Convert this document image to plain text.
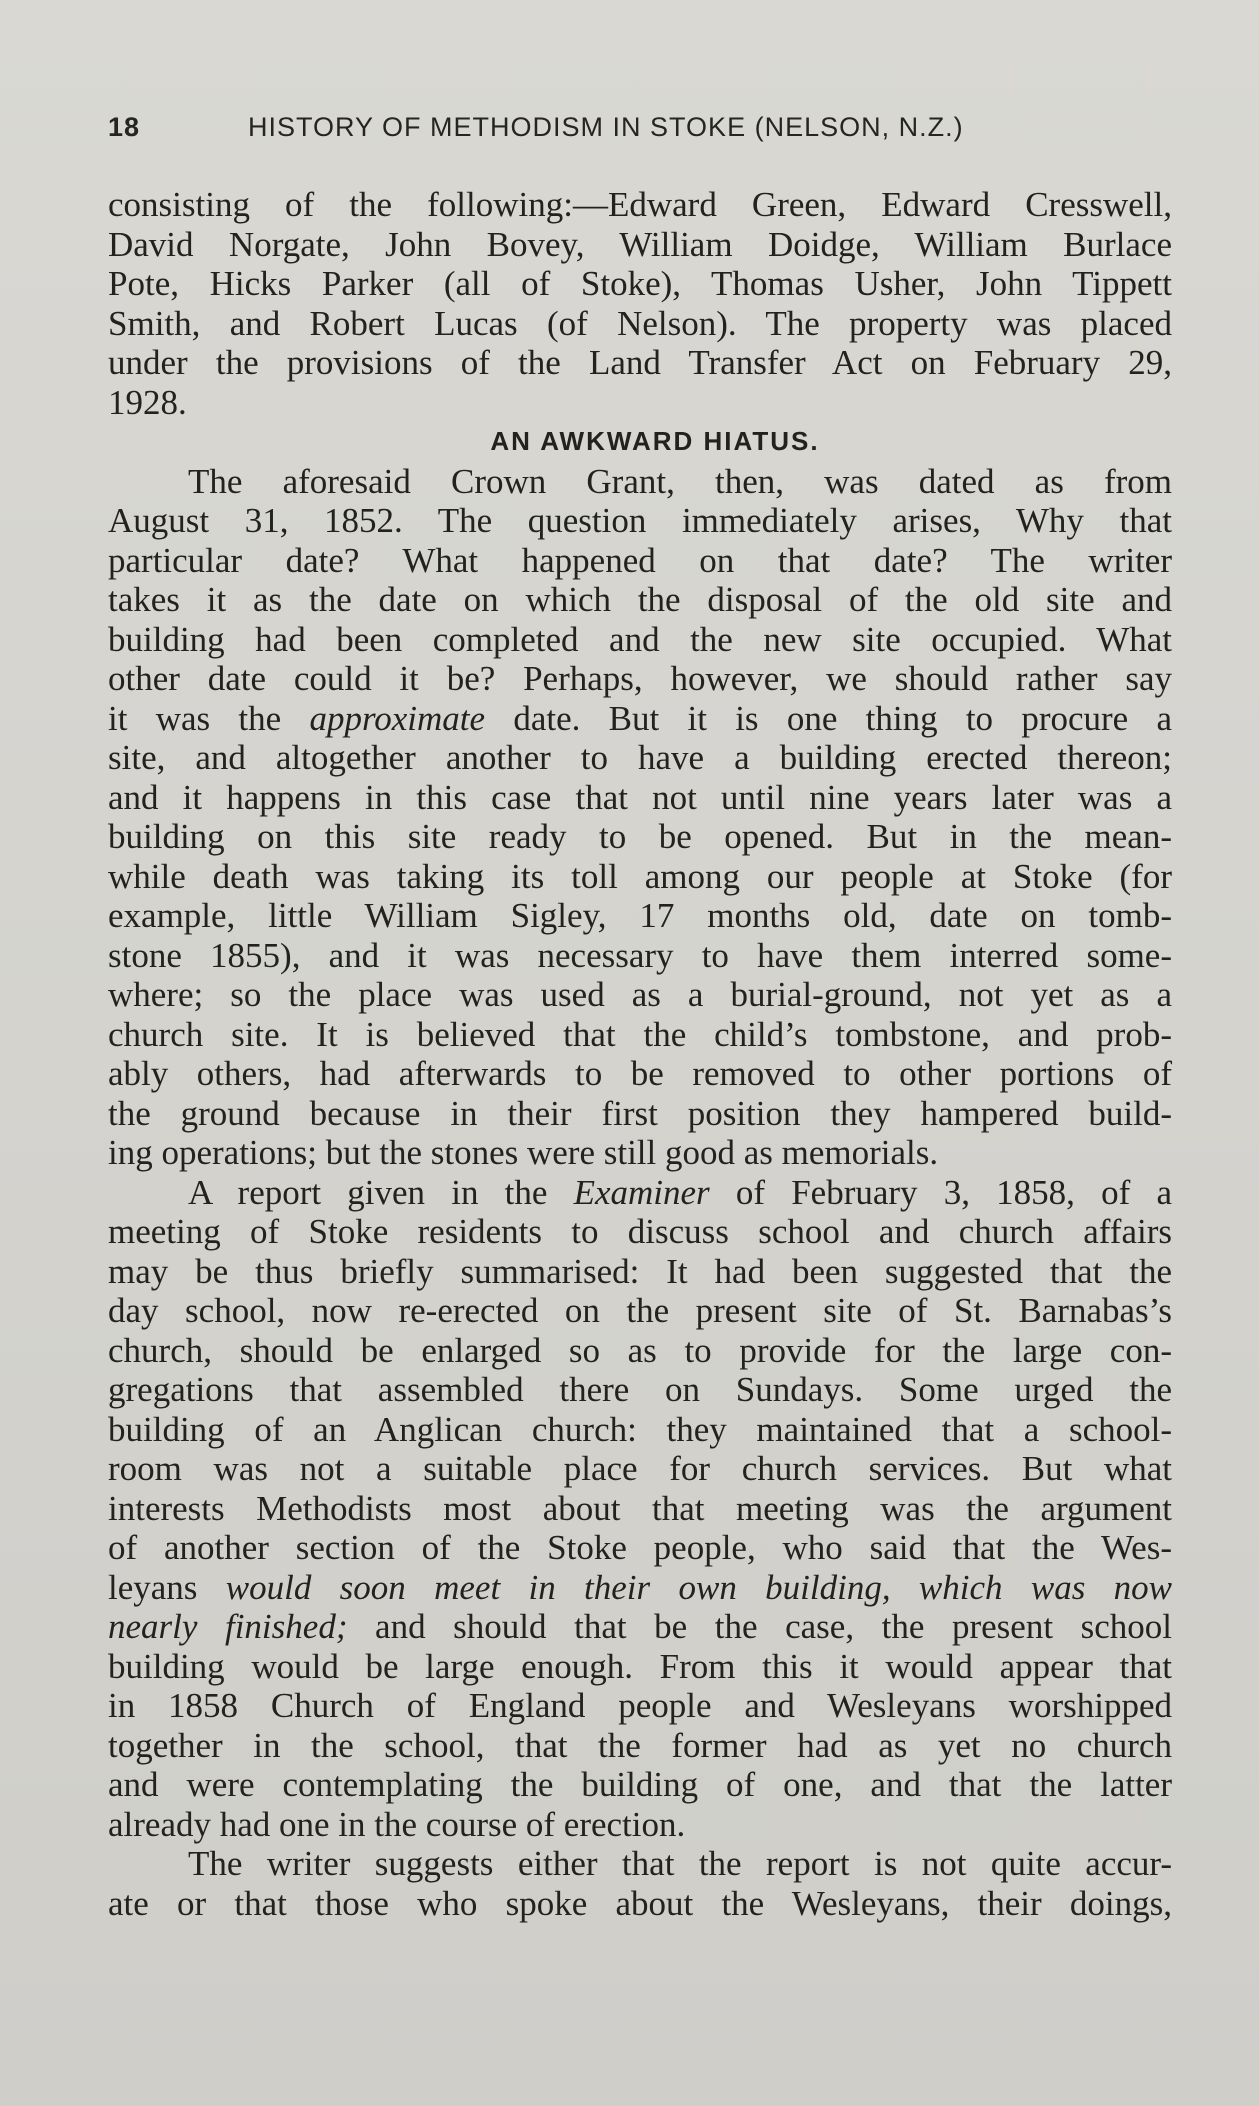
18	HISTORY OF METHODISM IN STOKE (NELSON, N.Z.)
consisting of the following:—Edward Green, Edward Cresswell,
David Norgate, John Bovey, William Doidge, William Burlace
Pote, Hicks Parker (all of Stoke), Thomas Usher, John Tippett
Smith, and Robert Lucas (of Nelson). The property was placed
under the provisions of the Land Transfer Act on February 29,
1928.
AN AWKWARD HIATUS.
The aforesaid Crown Grant, then, was dated as from
August 31, 1852. The question immediately arises, Why that
particular date? What happened on that date? The writer
takes it as the date on which the disposal of the old site and
building had been completed and the new site occupied. What
other date could it be? Perhaps, however, we should rather say
it was the approximate date. But it is one thing to procure a
site, and altogether another to have a building erected thereon;
and it happens in this case that not until nine years later was a
building on this site ready to be opened. But in the mean-
while death was taking its toll among our people at Stoke (for
example, little William Sigley, 17 months old, date on tomb-
stone 1855), and it was necessary to have them interred some-
where; so the place was used as a burial-ground, not yet as a
church site. It is believed that the child’s tombstone, and prob-
ably others, had afterwards to be removed to other portions of
the ground because in their first position they hampered build-
ing operations; but the stones were still good as memorials.
A report given in the Examiner of February 3, 1858, of a
meeting of Stoke residents to discuss school and church affairs
may be thus briefly summarised: It had been suggested that the
day school, now re-erected on the present site of St. Barnabas’s
church, should be enlarged so as to provide for the large con-
gregations that assembled there on Sundays. Some urged the
building of an Anglican church: they maintained that a school-
room was not a suitable place for church services. But what
interests Methodists most about that meeting was the argument
of another section of the Stoke people, who said that the Wes-
leyans would soon meet in their own building, which was now
nearly finished; and should that be the case, the present school
building would be large enough. From this it would appear that
in 1858 Church of England people and Wesleyans worshipped
together in the school, that the former had as yet no church
and were contemplating the building of one, and that the latter
already had one in the course of erection.
The writer suggests either that the report is not quite accur-
ate or that those who spoke about the Wesleyans, their doings,
